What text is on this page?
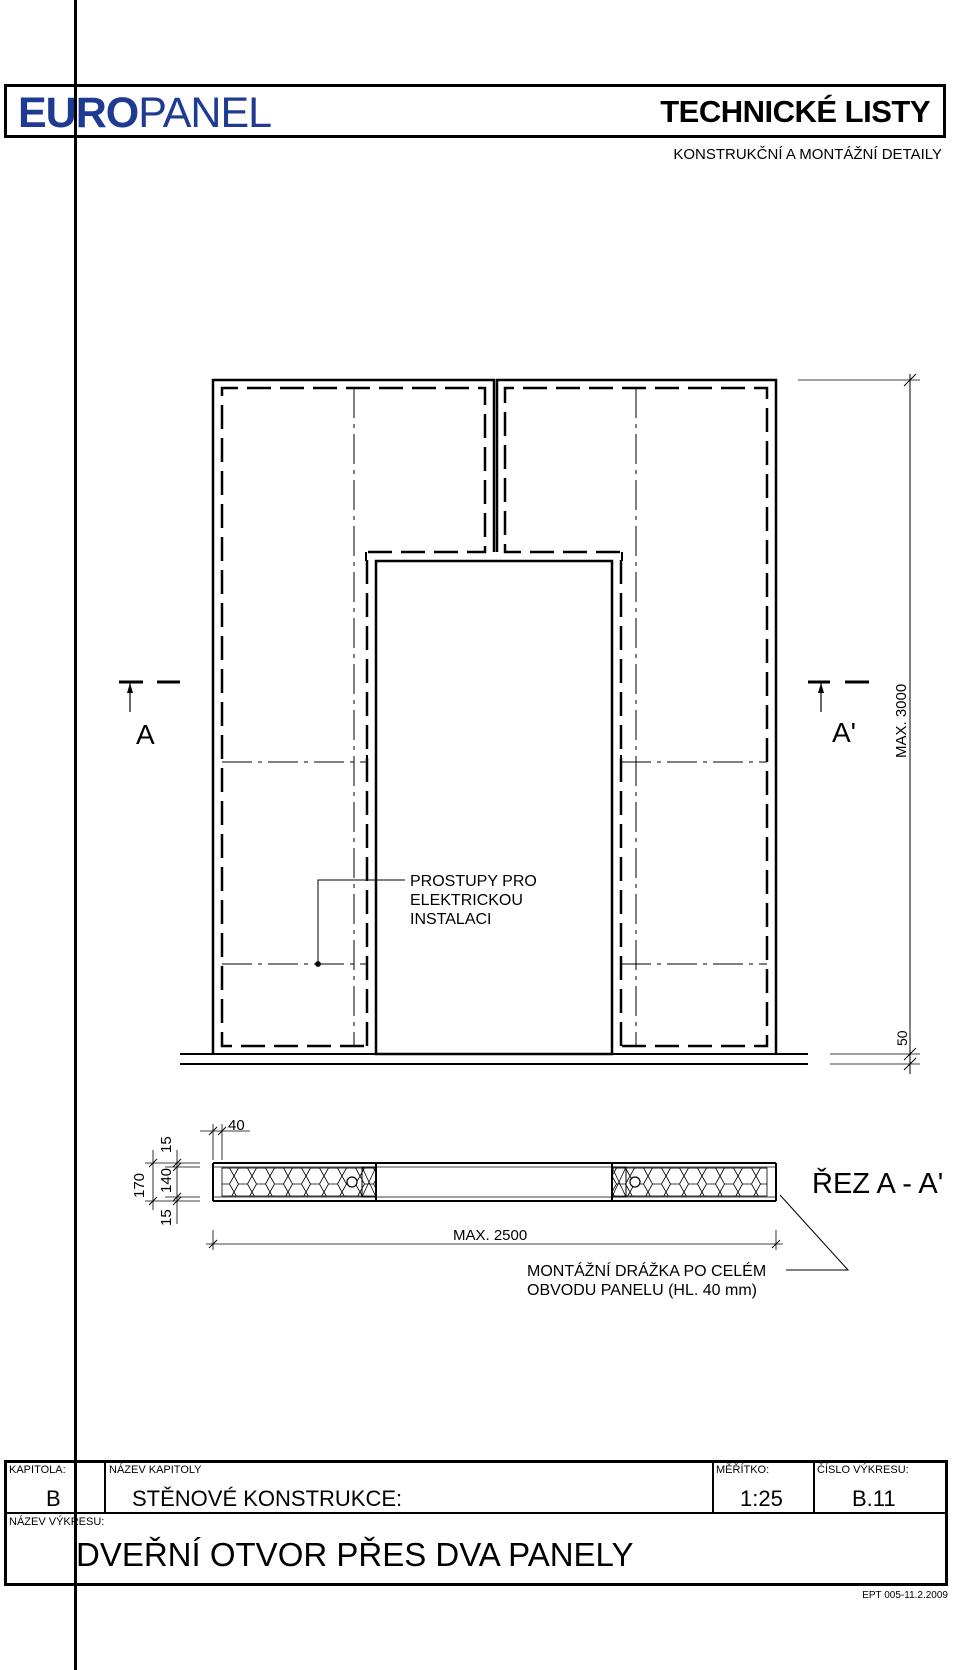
EUROPANEL	TECHNICKÉ LISTY
KONSTRUKČNÍ A MONTÁŽNÍ DETAILY
A	A' MAX. 3000
50
PROSTUPY PRO
ELEKTRICKOU
INSTALACI
40
170 140
15
15
MAX. 2500
ŘEZ A - A'
MONTÁŽNÍ DRÁŽKA PO CELÉM
OBVODU PANELU (HL. 40 mm)
KAPITOLA:
B
NÁZEV KAPITOLY
STĚNOVÉ KONSTRUKCE:
MĚŘÍTKO:
1:25
ČÍSLO VÝKRESU:
B.11
NÁZEV VÝKRESU:
DVEŘNÍ OTVOR PŘES DVA PANELY
EPT 005-11.2.2009
